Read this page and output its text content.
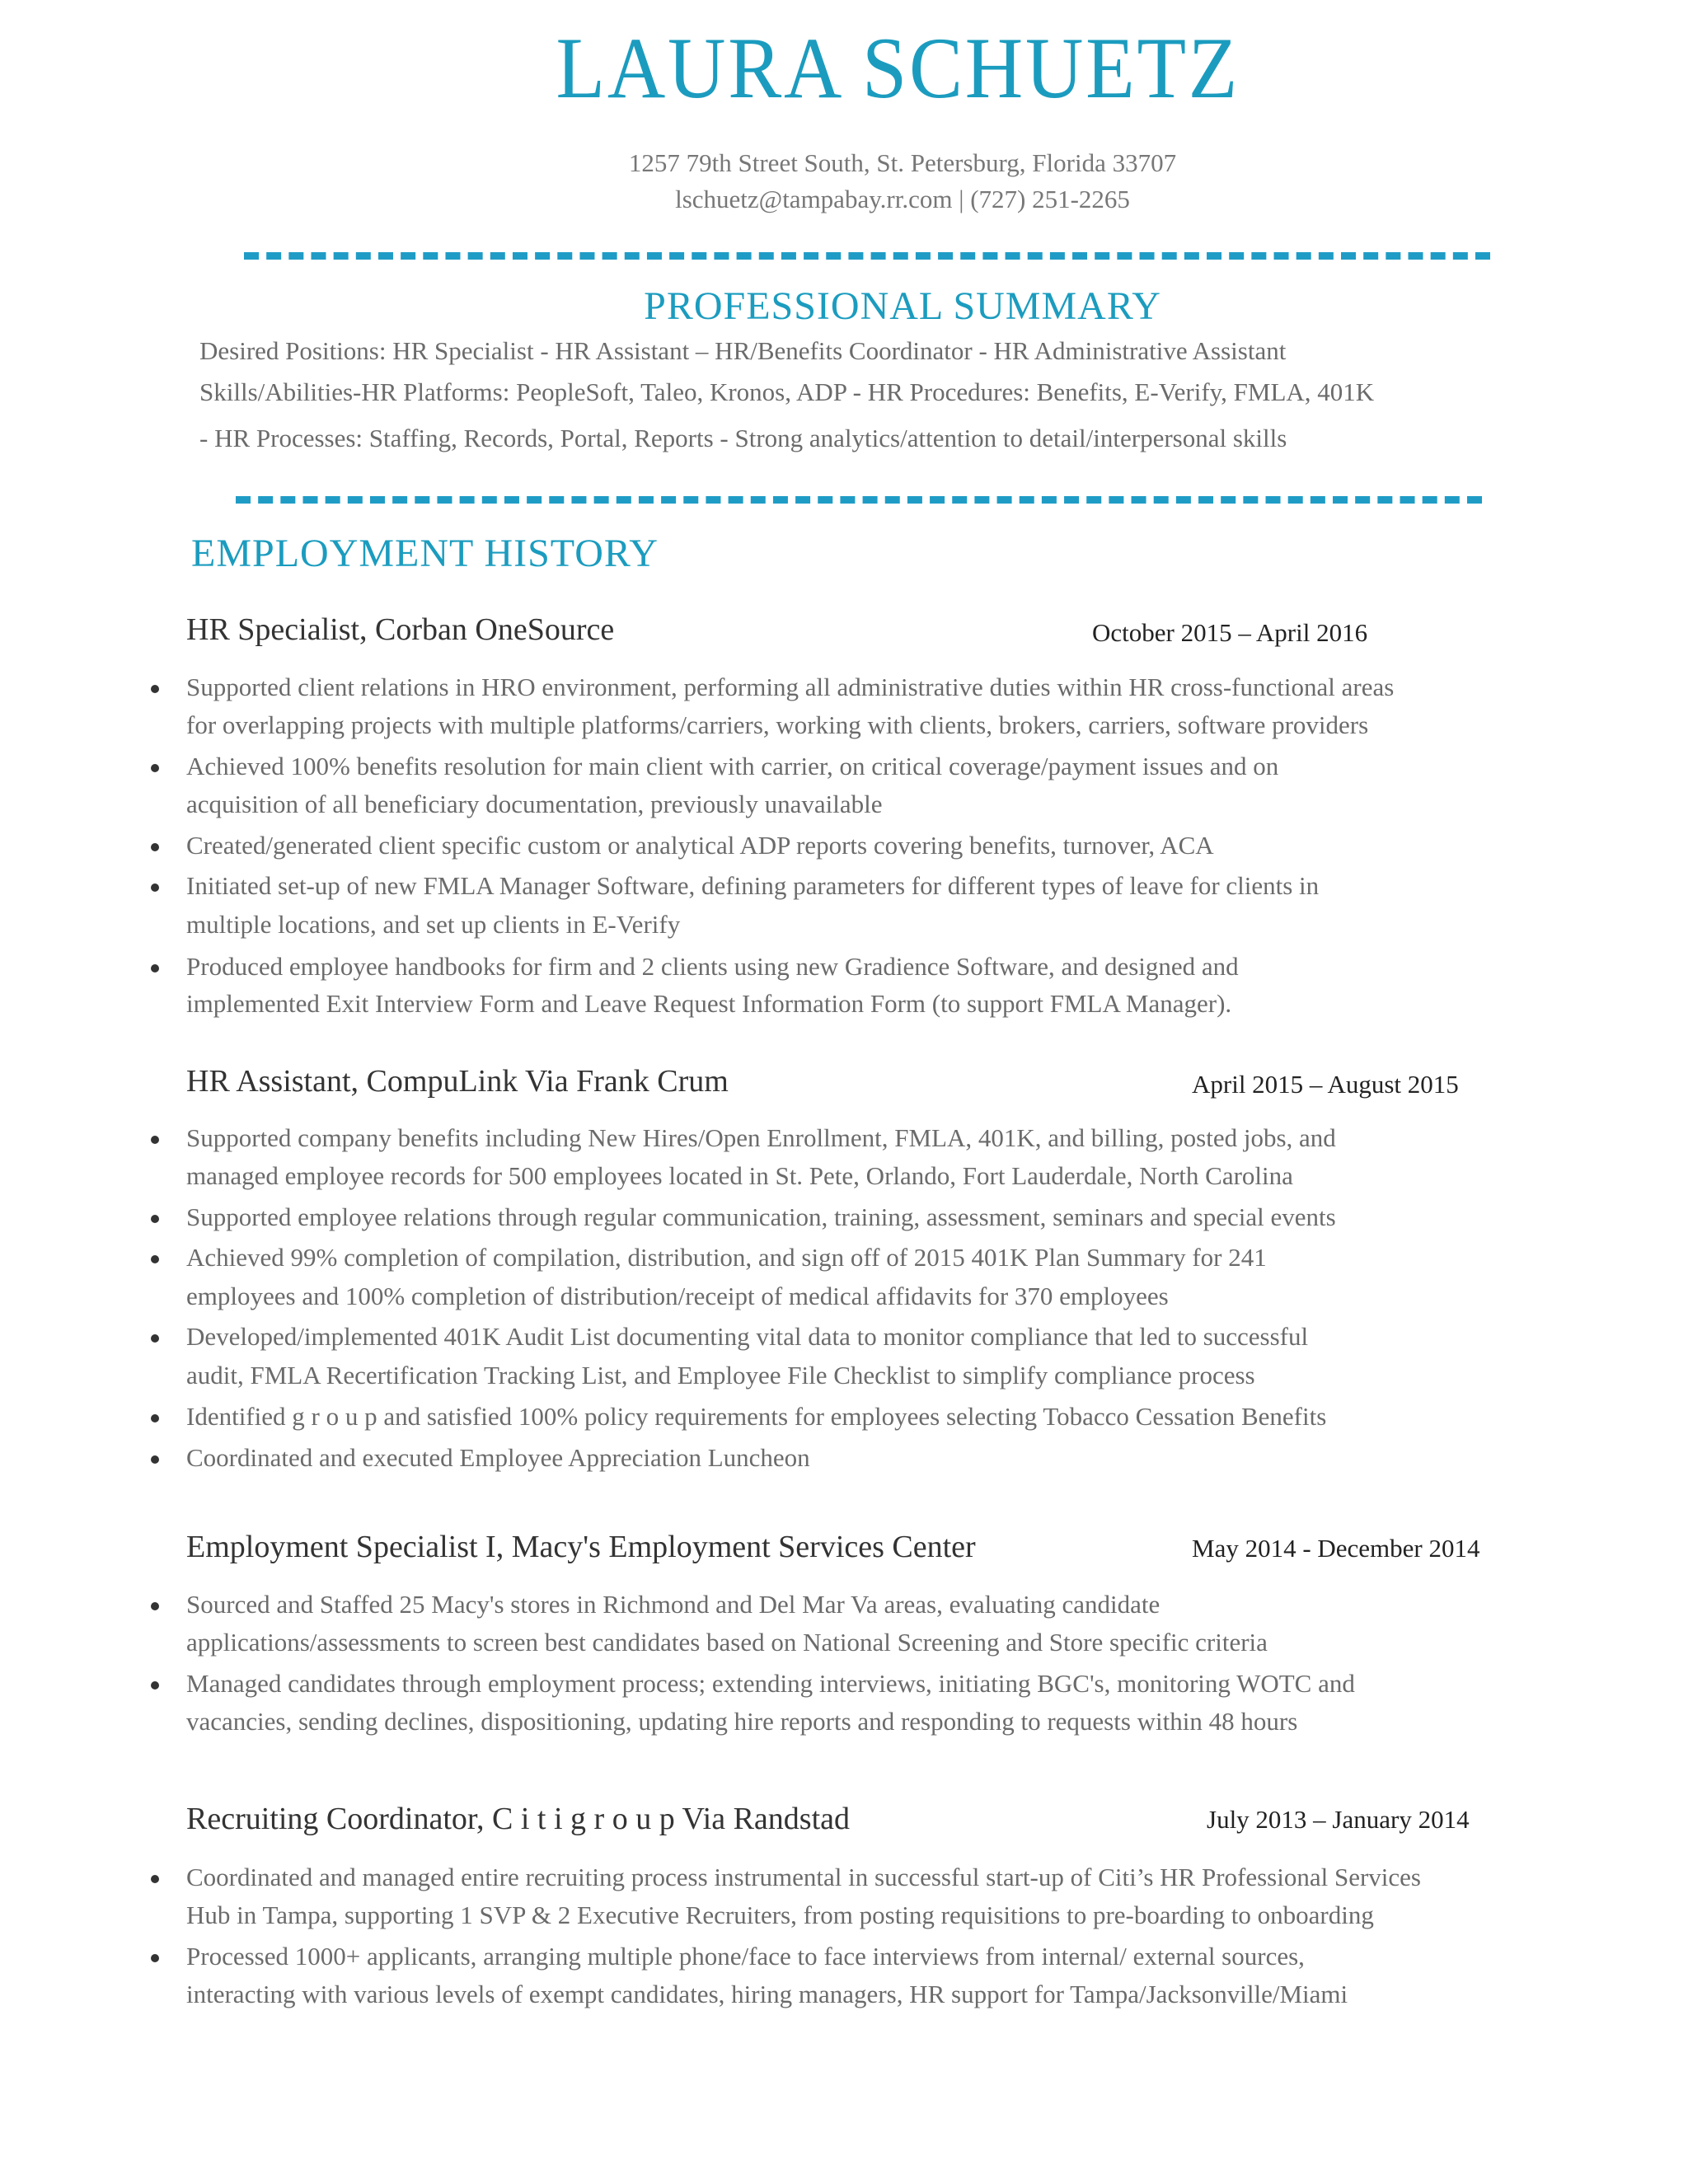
LAURA SCHUETZ
1257 79th Street South, St. Petersburg, Florida 33707
lschuetz@tampabay.rr.com | (727) 251-2265
PROFESSIONAL SUMMARY
Desired Positions: HR Specialist - HR Assistant – HR/Benefits Coordinator - HR Administrative Assistant
Skills/Abilities-HR Platforms: PeopleSoft, Taleo, Kronos, ADP - HR Procedures: Benefits, E-Verify, FMLA, 401K
- HR Processes: Staffing, Records, Portal, Reports - Strong analytics/attention to detail/interpersonal skills
EMPLOYMENT HISTORY
HR Specialist, Corban OneSource	October 2015 – April 2016
Supported client relations in HRO environment, performing all administrative duties within HR cross-functional areas
for overlapping projects with multiple platforms/carriers, working with clients, brokers, carriers, software providers
Achieved 100% benefits resolution for main client with carrier, on critical coverage/payment issues and on
acquisition of all beneficiary documentation, previously unavailable
Created/generated client specific custom or analytical ADP reports covering benefits, turnover, ACA
Initiated set-up of new FMLA Manager Software, defining parameters for different types of leave for clients in
multiple locations, and set up clients in E-Verify
Produced employee handbooks for firm and 2 clients using new Gradience Software, and designed and
implemented Exit Interview Form and Leave Request Information Form (to support FMLA Manager).
HR Assistant, CompuLink Via Frank Crum	April 2015 – August 2015
Supported company benefits including New Hires/Open Enrollment, FMLA, 401K, and billing, posted jobs, and
managed employee records for 500 employees located in St. Pete, Orlando, Fort Lauderdale, North Carolina
Supported employee relations through regular communication, training, assessment, seminars and special events
Achieved 99% completion of compilation, distribution, and sign off of 2015 401K Plan Summary for 241
employees and 100% completion of distribution/receipt of medical affidavits for 370 employees
Developed/implemented 401K Audit List documenting vital data to monitor compliance that led to successful
audit, FMLA Recertification Tracking List, and Employee File Checklist to simplify compliance process
Identified g r o u p and satisfied 100% policy requirements for employees selecting Tobacco Cessation Benefits
Coordinated and executed Employee Appreciation Luncheon
Employment Specialist I, Macy's Employment Services Center	May 2014 - December 2014
Sourced and Staffed 25 Macy's stores in Richmond and Del Mar Va areas, evaluating candidate
applications/assessments to screen best candidates based on National Screening and Store specific criteria
Managed candidates through employment process; extending interviews, initiating BGC's, monitoring WOTC and
vacancies, sending declines, dispositioning, updating hire reports and responding to requests within 48 hours
Recruiting Coordinator, C i t i g r o u p Via Randstad	July 2013 – January 2014
Coordinated and managed entire recruiting process instrumental in successful start-up of Citi’s HR Professional Services
Hub in Tampa, supporting 1 SVP & 2 Executive Recruiters, from posting requisitions to pre-boarding to onboarding
Processed 1000+ applicants, arranging multiple phone/face to face interviews from internal/ external sources,
interacting with various levels of exempt candidates, hiring managers, HR support for Tampa/Jacksonville/Miami
